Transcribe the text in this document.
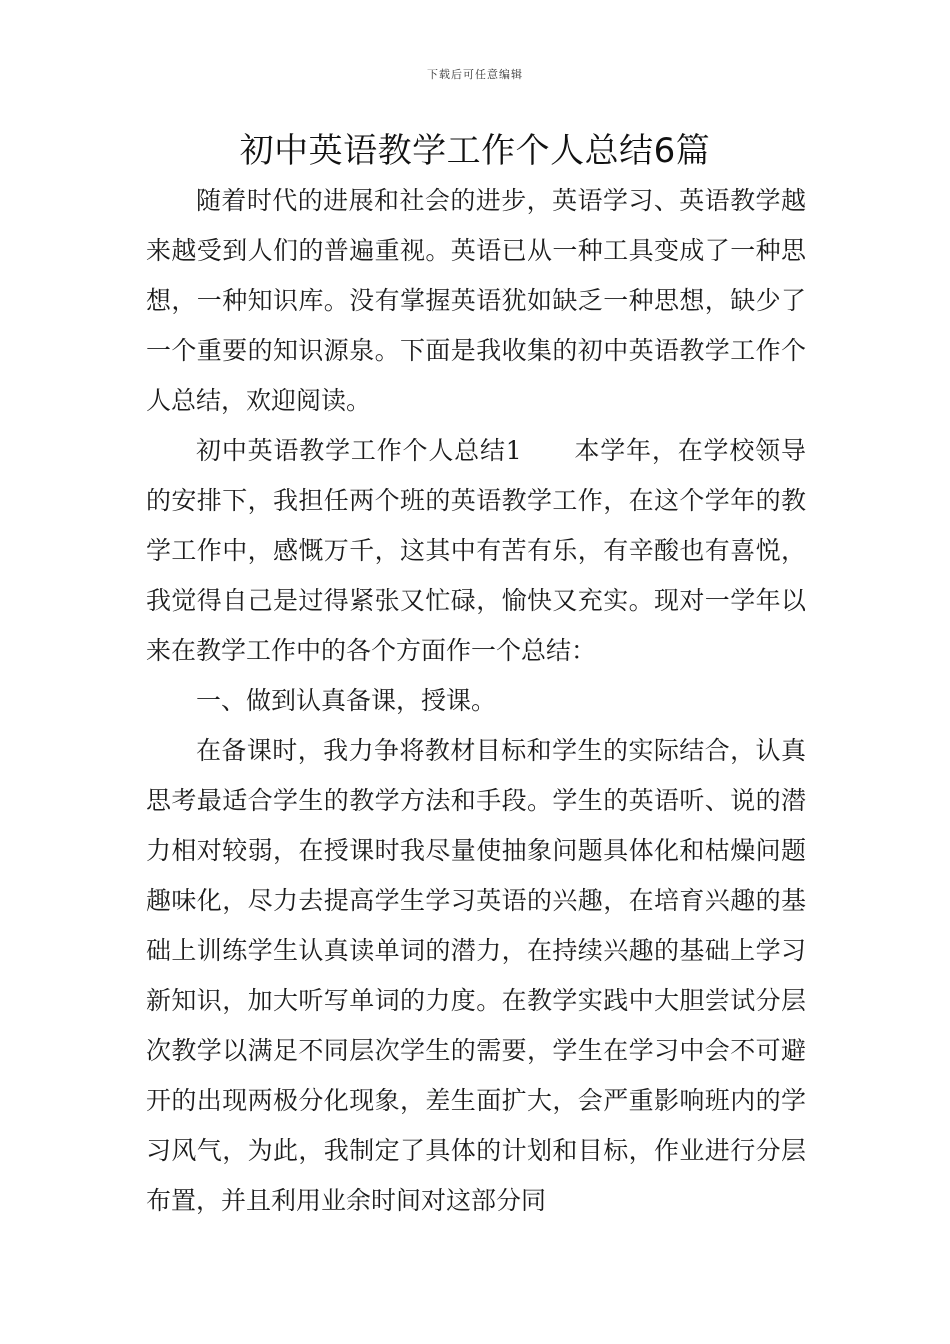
下载后可任意编辑
初中英语教学工作个人总结6篇

随着时代的进展和社会的进步，英语学习、英语教学越来越受到人们的普遍重视。英语已从一种工具变成了一种思想，一种知识库。没有掌握英语犹如缺乏一种思想，缺少了一个重要的知识源泉。下面是我收集的初中英语教学工作个人总结，欢迎阅读。

初中英语教学工作个人总结1 本学年，在学校领导的安排下，我担任两个班的英语教学工作，在这个学年的教学工作中，感慨万千，这其中有苦有乐，有辛酸也有喜悦，我觉得自己是过得紧张又忙碌，愉快又充实。现对一学年以来在教学工作中的各个方面作一个总结：

一、做到认真备课，授课。

在备课时，我力争将教材目标和学生的实际结合，认真思考最适合学生的教学方法和手段。学生的英语听、说的潜力相对较弱，在授课时我尽量使抽象问题具体化和枯燥问题趣味化，尽力去提高学生学习英语的兴趣，在培育兴趣的基础上训练学生认真读单词的潜力，在持续兴趣的基础上学习新知识，加大听写单词的力度。在教学实践中大胆尝试分层次教学以满足不同层次学生的需要，学生在学习中会不可避开的出现两极分化现象，差生面扩大，会严重影响班内的学习风气，为此，我制定了具体的计划和目标，作业进行分层布置，并且利用业余时间对这部分同
